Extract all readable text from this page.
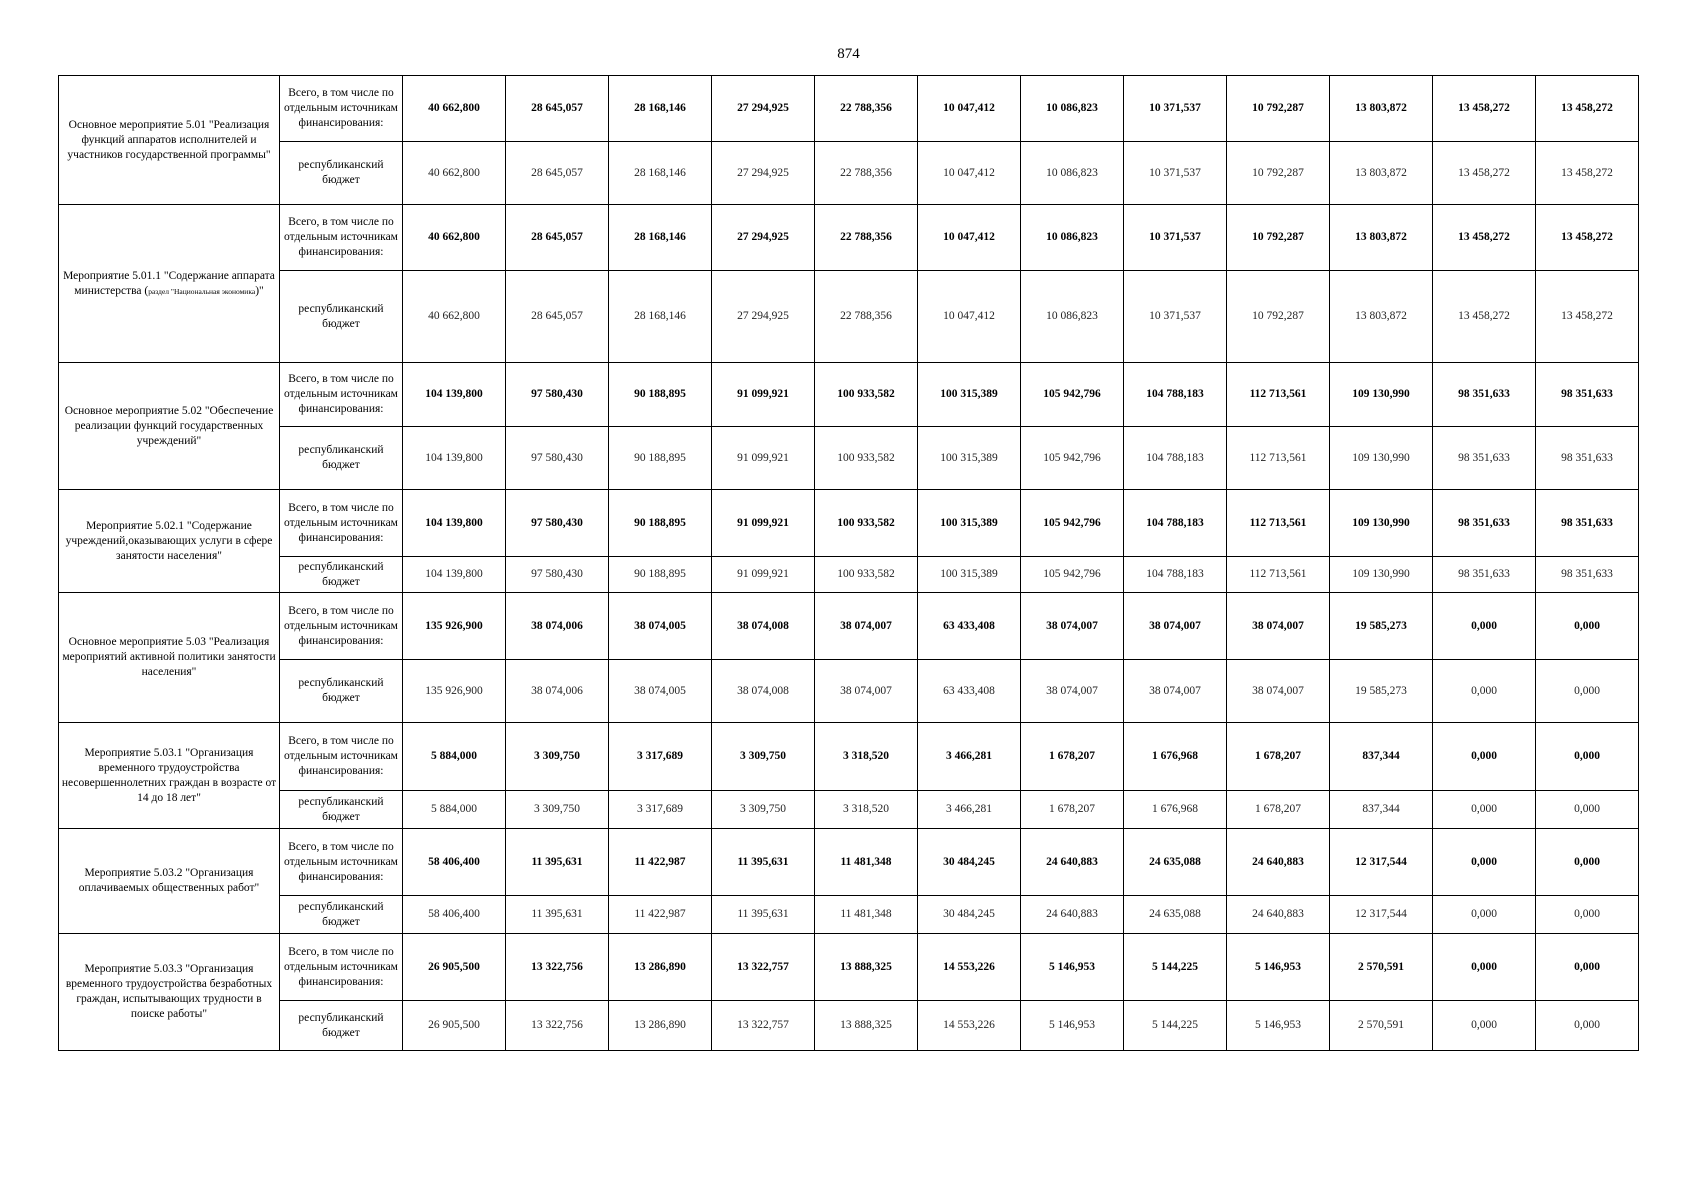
874
Основное мероприятие 5.01 "Реализация функций аппаратов исполнителей и участников государственной программы"	Всего, в том числе по отдельным источникам финансирования:	40 662,800	28 645,057	28 168,146	27 294,925	22 788,356	10 047,412	10 086,823	10 371,537	10 792,287	13 803,872	13 458,272	13 458,272
	республиканский бюджет	40 662,800	28 645,057	28 168,146	27 294,925	22 788,356	10 047,412	10 086,823	10 371,537	10 792,287	13 803,872	13 458,272	13 458,272
Мероприятие 5.01.1 "Содержание аппарата министерства (раздел "Национальная экономика)"	Всего, в том числе по отдельным источникам финансирования:	40 662,800	28 645,057	28 168,146	27 294,925	22 788,356	10 047,412	10 086,823	10 371,537	10 792,287	13 803,872	13 458,272	13 458,272
	республиканский бюджет	40 662,800	28 645,057	28 168,146	27 294,925	22 788,356	10 047,412	10 086,823	10 371,537	10 792,287	13 803,872	13 458,272	13 458,272
Основное мероприятие 5.02 "Обеспечение реализации функций государственных учреждений"	Всего, в том числе по отдельным источникам финансирования:	104 139,800	97 580,430	90 188,895	91 099,921	100 933,582	100 315,389	105 942,796	104 788,183	112 713,561	109 130,990	98 351,633	98 351,633
	республиканский бюджет	104 139,800	97 580,430	90 188,895	91 099,921	100 933,582	100 315,389	105 942,796	104 788,183	112 713,561	109 130,990	98 351,633	98 351,633
Мероприятие 5.02.1 "Содержание учреждений,оказывающих услуги в сфере занятости населения"	Всего, в том числе по отдельным источникам финансирования:	104 139,800	97 580,430	90 188,895	91 099,921	100 933,582	100 315,389	105 942,796	104 788,183	112 713,561	109 130,990	98 351,633	98 351,633
	республиканский бюджет	104 139,800	97 580,430	90 188,895	91 099,921	100 933,582	100 315,389	105 942,796	104 788,183	112 713,561	109 130,990	98 351,633	98 351,633
Основное мероприятие 5.03 "Реализация мероприятий активной политики занятости населения"	Всего, в том числе по отдельным источникам финансирования:	135 926,900	38 074,006	38 074,005	38 074,008	38 074,007	63 433,408	38 074,007	38 074,007	38 074,007	19 585,273	0,000	0,000
	республиканский бюджет	135 926,900	38 074,006	38 074,005	38 074,008	38 074,007	63 433,408	38 074,007	38 074,007	38 074,007	19 585,273	0,000	0,000
Мероприятие 5.03.1 "Организация временного трудоустройства несовершеннолетних граждан в возрасте от 14 до 18 лет"	Всего, в том числе по отдельным источникам финансирования:	5 884,000	3 309,750	3 317,689	3 309,750	3 318,520	3 466,281	1 678,207	1 676,968	1 678,207	837,344	0,000	0,000
	республиканский бюджет	5 884,000	3 309,750	3 317,689	3 309,750	3 318,520	3 466,281	1 678,207	1 676,968	1 678,207	837,344	0,000	0,000
Мероприятие 5.03.2 "Организация оплачиваемых общественных работ"	Всего, в том числе по отдельным источникам финансирования:	58 406,400	11 395,631	11 422,987	11 395,631	11 481,348	30 484,245	24 640,883	24 635,088	24 640,883	12 317,544	0,000	0,000
	республиканский бюджет	58 406,400	11 395,631	11 422,987	11 395,631	11 481,348	30 484,245	24 640,883	24 635,088	24 640,883	12 317,544	0,000	0,000
Мероприятие 5.03.3 "Организация временного трудоустройства безработных граждан, испытывающих трудности в поиске работы"	Всего, в том числе по отдельным источникам финансирования:	26 905,500	13 322,756	13 286,890	13 322,757	13 888,325	14 553,226	5 146,953	5 144,225	5 146,953	2 570,591	0,000	0,000
	республиканский бюджет	26 905,500	13 322,756	13 286,890	13 322,757	13 888,325	14 553,226	5 146,953	5 144,225	5 146,953	2 570,591	0,000	0,000
